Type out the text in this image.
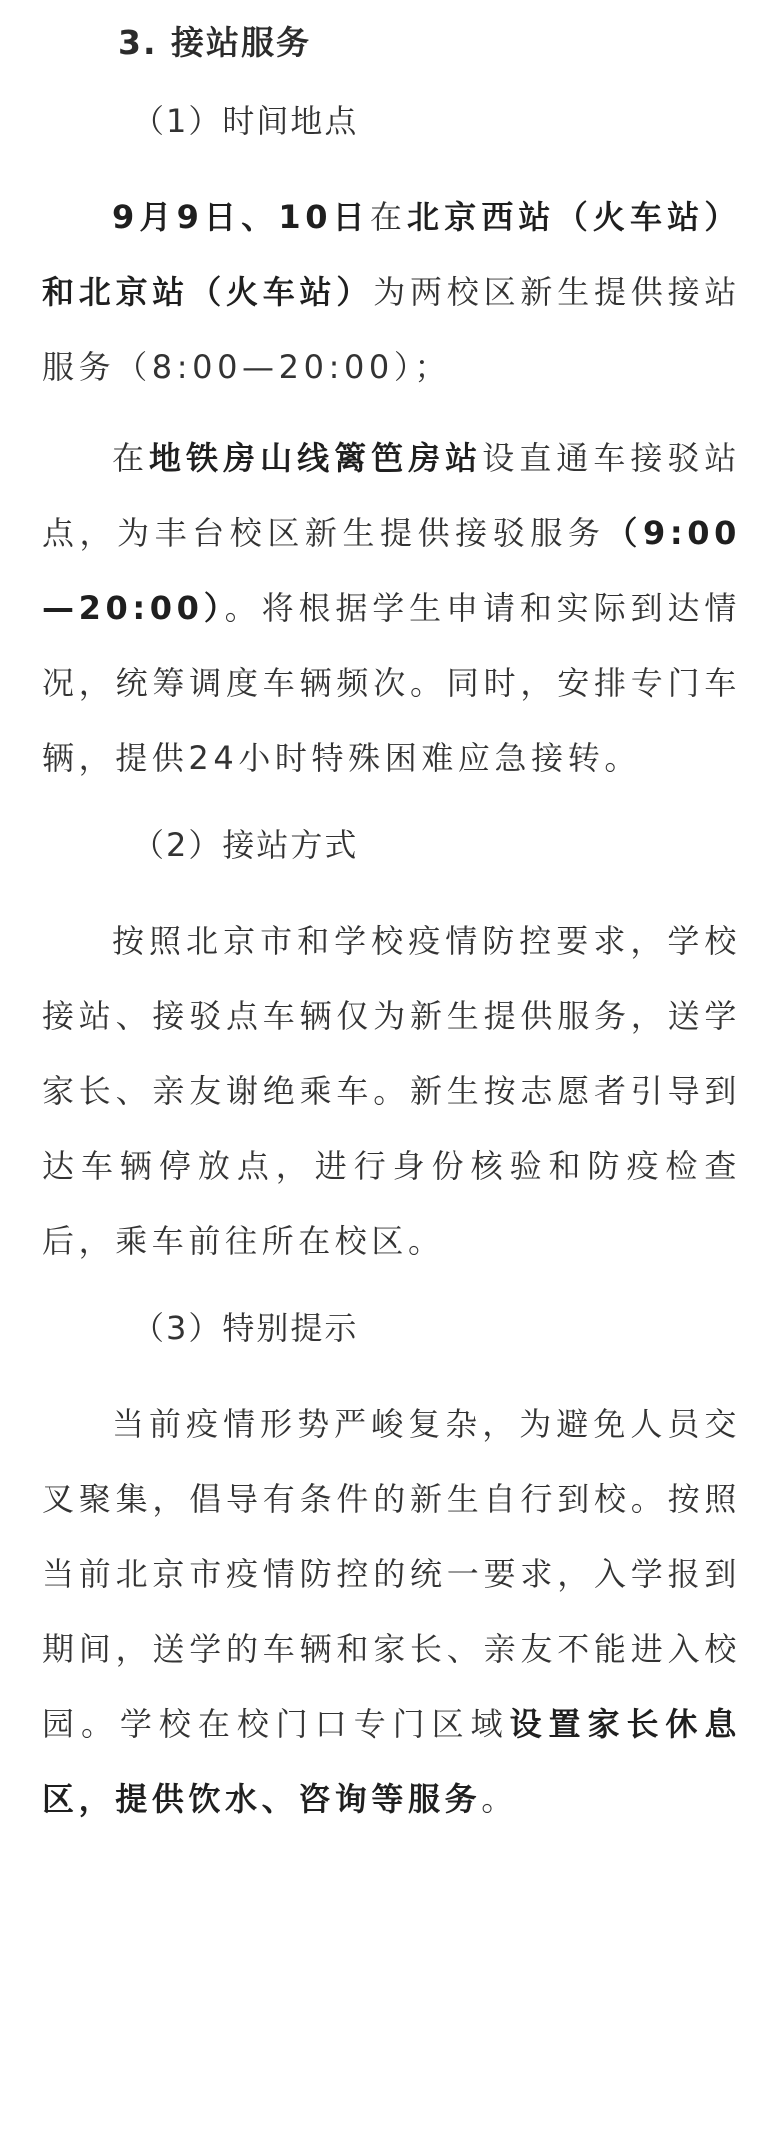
3. 接站服务

（1）时间地点

9月9日、10日在北京西站（火车站）和北京站（火车站）为两校区新生提供接站服务（8:00—20:00）；

在地铁房山线篱笆房站设直通车接驳站点，为丰台校区新生提供接驳服务（9:00—20:00）。将根据学生申请和实际到达情况，统筹调度车辆频次。同时，安排专门车辆，提供24小时特殊困难应急接转。

（2）接站方式

按照北京市和学校疫情防控要求，学校接站、接驳点车辆仅为新生提供服务，送学家长、亲友谢绝乘车。新生按志愿者引导到达车辆停放点，进行身份核验和防疫检查后，乘车前往所在校区。

（3）特别提示

当前疫情形势严峻复杂，为避免人员交叉聚集，倡导有条件的新生自行到校。按照当前北京市疫情防控的统一要求，入学报到期间，送学的车辆和家长、亲友不能进入校园。学校在校门口专门区域设置家长休息区，提供饮水、咨询等服务。
